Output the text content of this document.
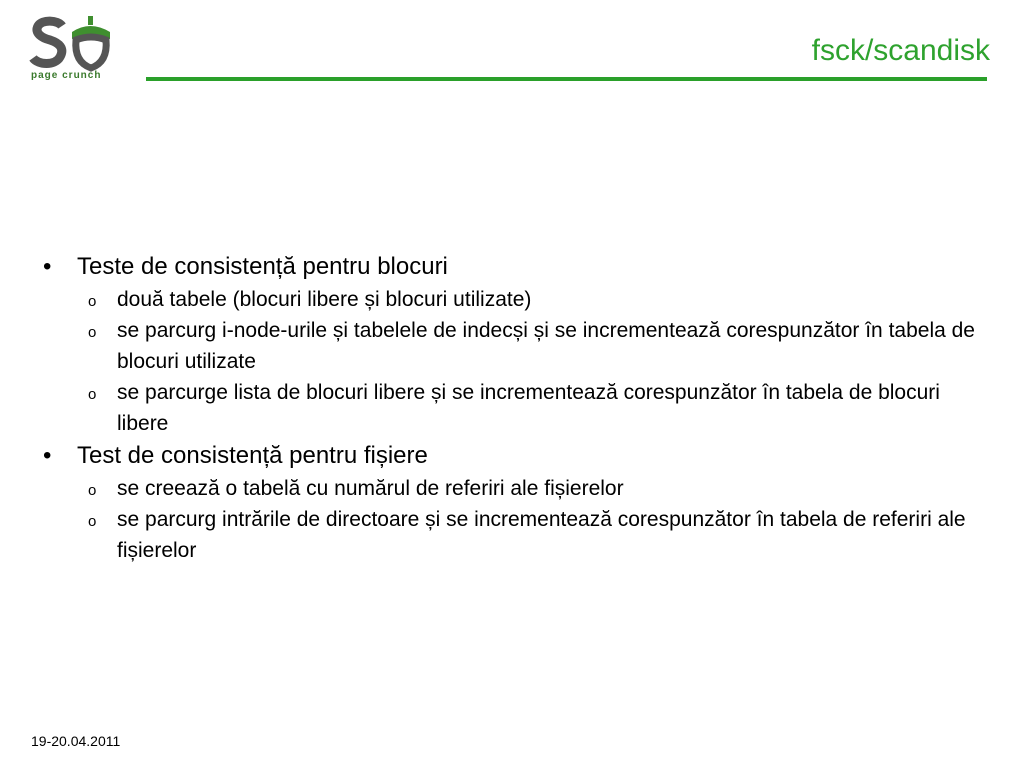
page crunch
fsck/scandisk
• Teste de consistență pentru blocuri
o două tabele (blocuri libere și blocuri utilizate)
o se parcurg i-node-urile și tabelele de indecși și se incrementează corespunzător în tabela de blocuri utilizate
o se parcurge lista de blocuri libere și se incrementează corespunzător în tabela de blocuri libere
• Test de consistență pentru fișiere
o se creează o tabelă cu numărul de referiri ale fișierelor
o se parcurg intrările de directoare și se incrementează corespunzător în tabela de referiri ale fișierelor
19-20.04.2011
